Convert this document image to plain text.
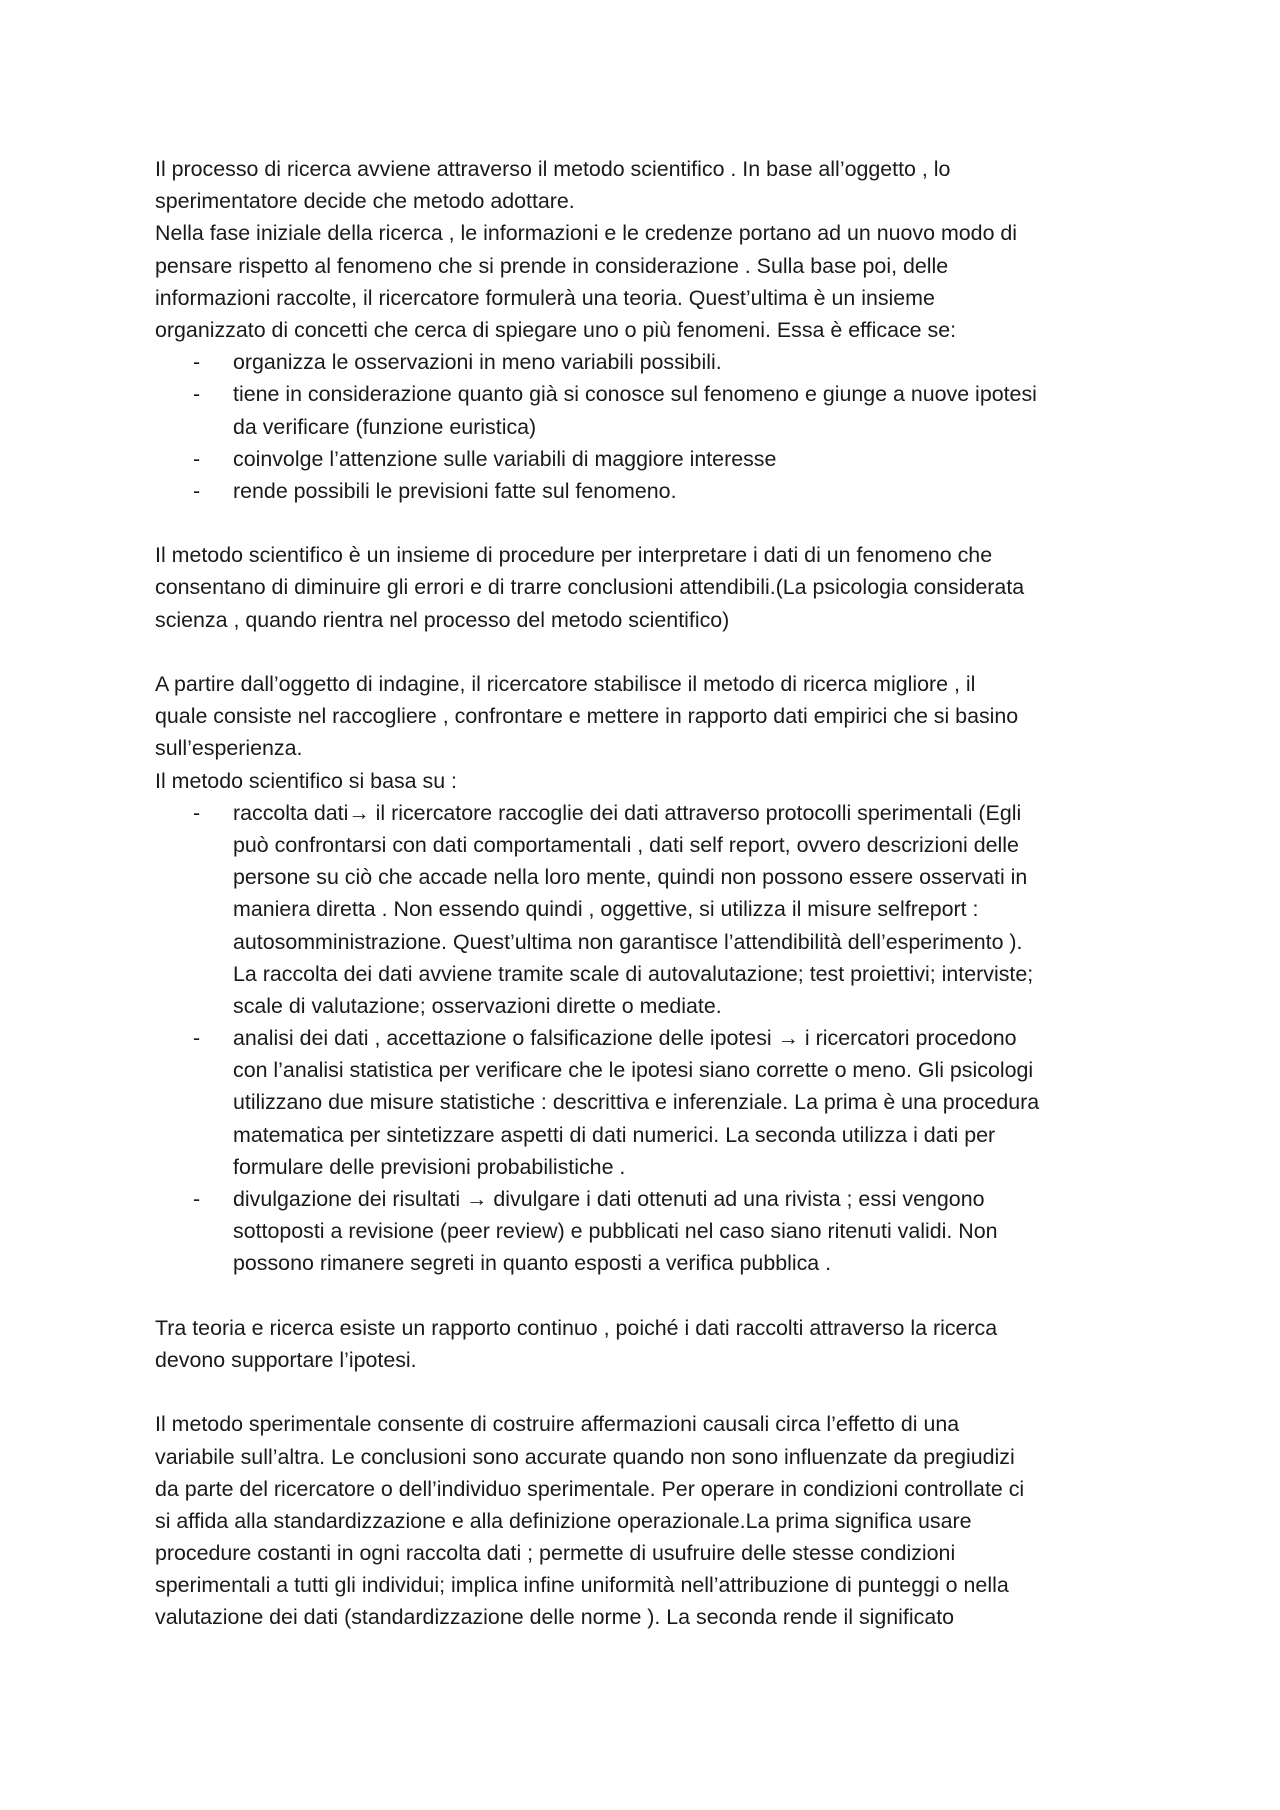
Il processo di ricerca avviene attraverso il metodo scientifico . In base all’oggetto , lo
sperimentatore decide che metodo adottare.
Nella fase iniziale della ricerca , le informazioni e le credenze portano ad un nuovo modo di
pensare rispetto al fenomeno che si prende in considerazione . Sulla base poi, delle
informazioni raccolte, il ricercatore formulerà una teoria. Quest’ultima è un insieme
organizzato di concetti che cerca di spiegare uno o più fenomeni. Essa è efficace se:
- organizza le osservazioni in meno variabili possibili.
- tiene in considerazione quanto già si conosce sul fenomeno e giunge a nuove ipotesi
da verificare (funzione euristica)
- coinvolge l’attenzione sulle variabili di maggiore interesse
- rende possibili le previsioni fatte sul fenomeno.
Il metodo scientifico è un insieme di procedure per interpretare i dati di un fenomeno che
consentano di diminuire gli errori e di trarre conclusioni attendibili.(La psicologia considerata
scienza , quando rientra nel processo del metodo scientifico)
A partire dall’oggetto di indagine, il ricercatore stabilisce il metodo di ricerca migliore , il
quale consiste nel raccogliere , confrontare e mettere in rapporto dati empirici che si basino
sull’esperienza.
Il metodo scientifico si basa su :
- raccolta dati→ il ricercatore raccoglie dei dati attraverso protocolli sperimentali (Egli
può confrontarsi con dati comportamentali , dati self report, ovvero descrizioni delle
persone su ciò che accade nella loro mente, quindi non possono essere osservati in
maniera diretta . Non essendo quindi , oggettive, si utilizza il misure selfreport :
autosomministrazione. Quest’ultima non garantisce l’attendibilità dell’esperimento ).
La raccolta dei dati avviene tramite scale di autovalutazione; test proiettivi; interviste;
scale di valutazione; osservazioni dirette o mediate.
- analisi dei dati , accettazione o falsificazione delle ipotesi → i ricercatori procedono
con l’analisi statistica per verificare che le ipotesi siano corrette o meno. Gli psicologi
utilizzano due misure statistiche : descrittiva e inferenziale. La prima è una procedura
matematica per sintetizzare aspetti di dati numerici. La seconda utilizza i dati per
formulare delle previsioni probabilistiche .
- divulgazione dei risultati → divulgare i dati ottenuti ad una rivista ; essi vengono
sottoposti a revisione (peer review) e pubblicati nel caso siano ritenuti validi. Non
possono rimanere segreti in quanto esposti a verifica pubblica .
Tra teoria e ricerca esiste un rapporto continuo , poiché i dati raccolti attraverso la ricerca
devono supportare l’ipotesi.
Il metodo sperimentale consente di costruire affermazioni causali circa l’effetto di una
variabile sull’altra. Le conclusioni sono accurate quando non sono influenzate da pregiudizi
da parte del ricercatore o dell’individuo sperimentale. Per operare in condizioni controllate ci
si affida alla standardizzazione e alla definizione operazionale.La prima significa usare
procedure costanti in ogni raccolta dati ; permette di usufruire delle stesse condizioni
sperimentali a tutti gli individui; implica infine uniformità nell’attribuzione di punteggi o nella
valutazione dei dati (standardizzazione delle norme ). La seconda rende il significato
